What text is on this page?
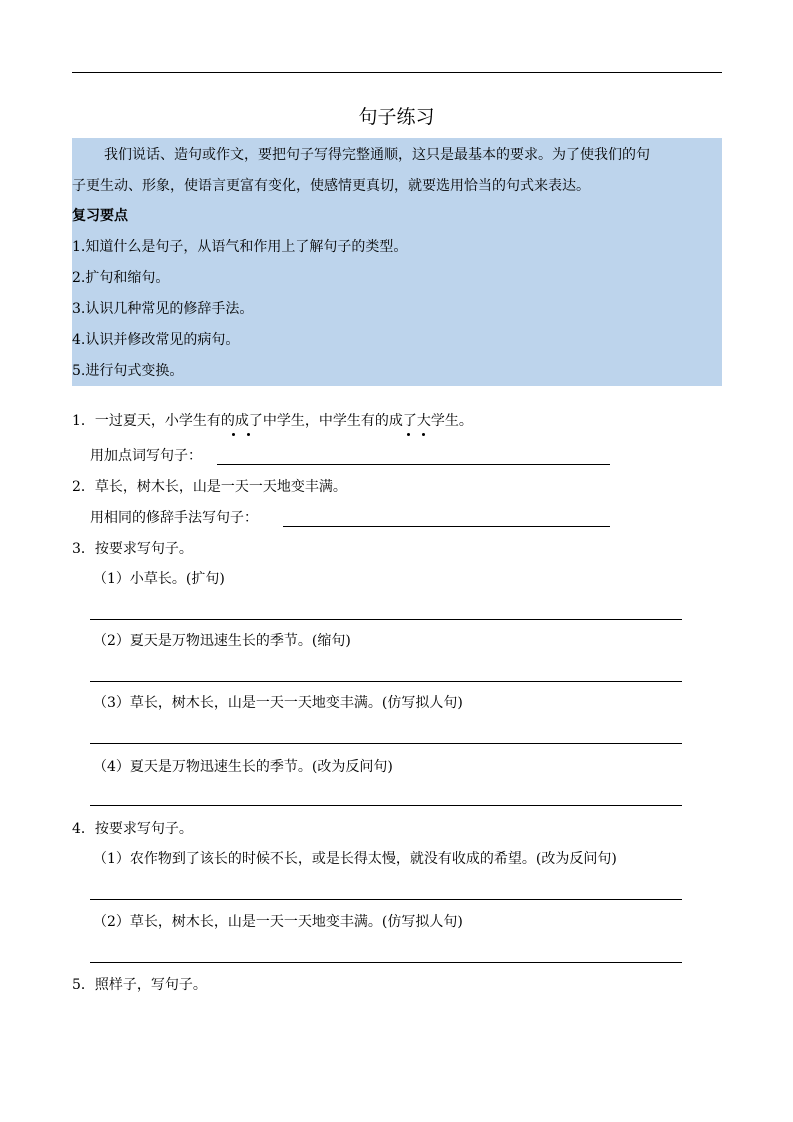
句子练习
我们说话、造句或作文，要把句子写得完整通顺，这只是最基本的要求。为了使我们的句
子更生动、形象，使语言更富有变化，使感情更真切，就要选用恰当的句式来表达。
复习要点
1.知道什么是句子，从语气和作用上了解句子的类型。
2.扩句和缩句。
3.认识几种常见的修辞手法。
4.认识并修改常见的病句。
5.进行句式变换。
1．一过夏天，小学生有的成了中学生，中学生有的成了大学生。
用加点词写句子：
2．草长，树木长，山是一天一天地变丰满。
用相同的修辞手法写句子：
3．按要求写句子。
（1）小草长。(扩句)
（2）夏天是万物迅速生长的季节。(缩句)
（3）草长，树木长，山是一天一天地变丰满。(仿写拟人句)
（4）夏天是万物迅速生长的季节。(改为反问句)
4．按要求写句子。
（1）农作物到了该长的时候不长，或是长得太慢，就没有收成的希望。(改为反问句)
（2）草长，树木长，山是一天一天地变丰满。(仿写拟人句)
5．照样子，写句子。
